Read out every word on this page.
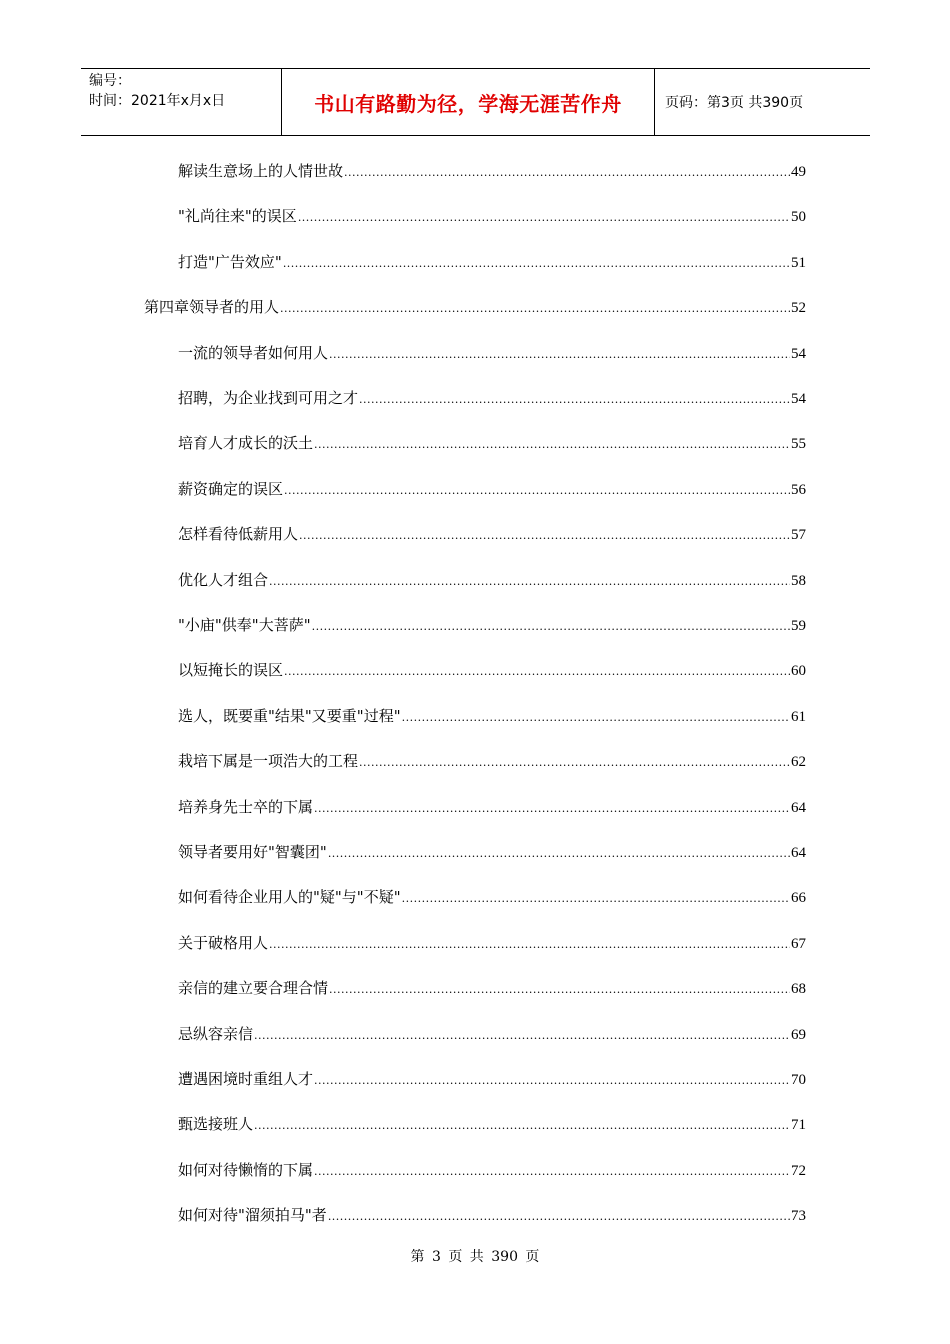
编号：
时间：2021年x月x日	书山有路勤为径，学海无涯苦作舟	页码：第3页 共390页
解读生意场上的人情世故 .....	49
"礼尚往来"的误区 .....	50
打造"广告效应" .....	51
第四章领导者的用人 .....	52
一流的领导者如何用人 .....	54
招聘，为企业找到可用之才 .....	54
培育人才成长的沃土 .....	55
薪资确定的误区 .....	56
怎样看待低薪用人 .....	57
优化人才组合 .....	58
"小庙"供奉"大菩萨" .....	59
以短掩长的误区 .....	60
选人，既要重"结果"又要重"过程" .....	61
栽培下属是一项浩大的工程 .....	62
培养身先士卒的下属 .....	64
领导者要用好"智囊团" .....	64
如何看待企业用人的"疑"与"不疑" .....	66
关于破格用人 .....	67
亲信的建立要合理合情 .....	68
忌纵容亲信 .....	69
遭遇困境时重组人才 .....	70
甄选接班人 .....	71
如何对待懒惰的下属 .....	72
如何对待"溜须拍马"者 .....	73
第 3 页 共 390 页
